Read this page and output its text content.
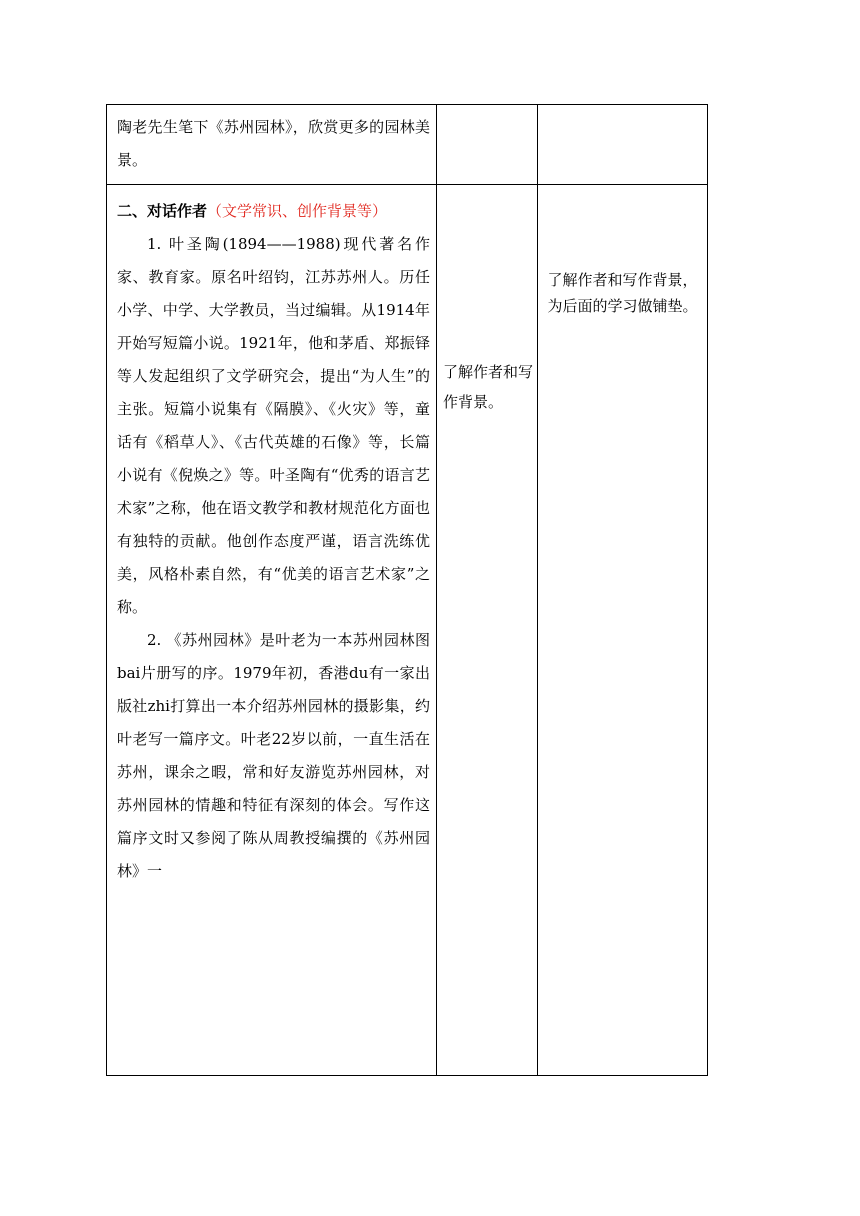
陶老先生笔下《苏州园林》，欣赏更多的园林美景。		

二、对话作者（文学常识、创作背景等）

1. 叶圣陶(1894——1988)现代著名作家、教育家。原名叶绍钧，江苏苏州人。历任小学、中学、大学教员，当过编辑。从1914年开始写短篇小说。1921年，他和茅盾、郑振铎等人发起组织了文学研究会，提出“为人生”的主张。短篇小说集有《隔膜》、《火灾》等，童话有《稻草人》、《古代英雄的石像》等，长篇小说有《倪焕之》等。叶圣陶有“优秀的语言艺术家”之称，他在语文教学和教材规范化方面也有独特的贡献。他创作态度严谨，语言洗练优美，风格朴素自然，有“优美的语言艺术家”之称。

2. 《苏州园林》是叶老为一本苏州园林图bai片册写的序。1979年初，香港du有一家出版社zhi打算出一本介绍苏州园林的摄影集，约叶老写一篇序文。叶老22岁以前，一直生活在苏州，课余之暇，常和好友游览苏州园林，对苏州园林的情趣和特征有深刻的体会。写作这篇序文时又参阅了陈从周教授编撰的《苏州园林》一	了解作者和写作背景。	了解作者和写作背景，为后面的学习做铺垫。
